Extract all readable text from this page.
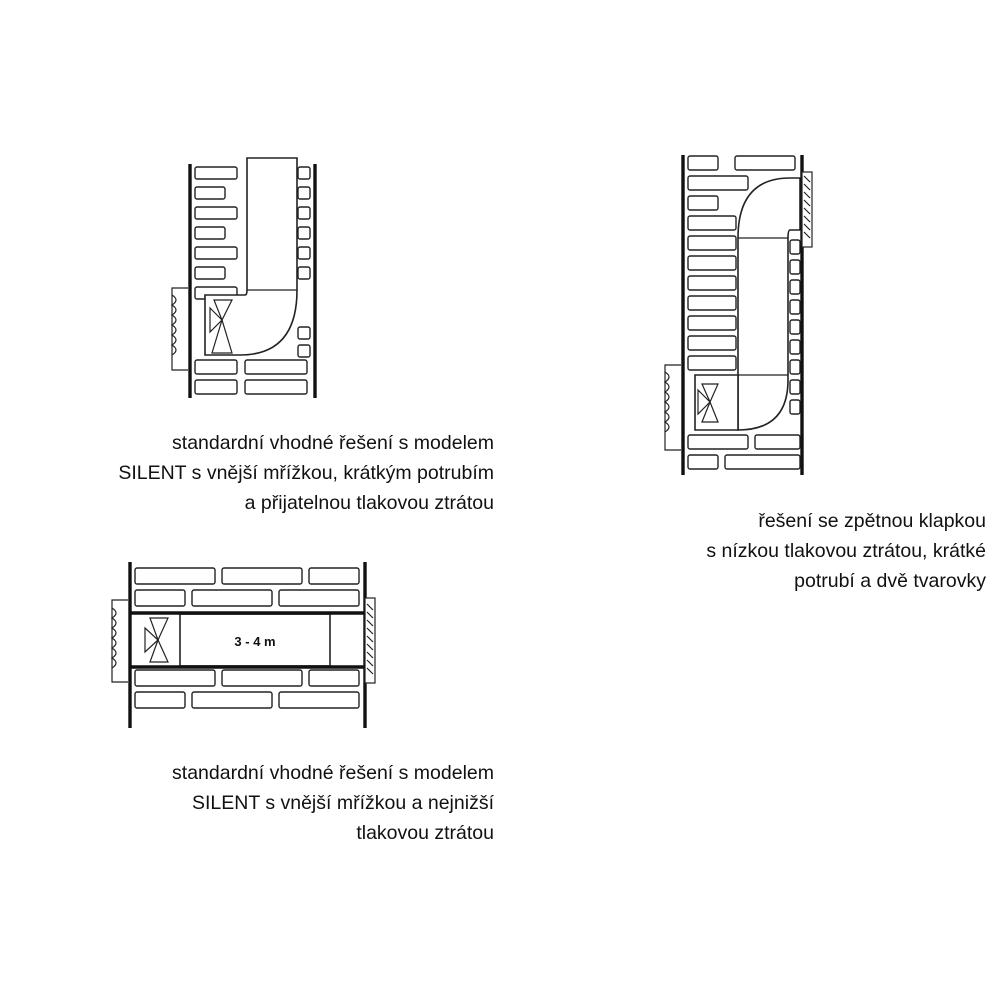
standardní vhodné řešení s modelem
SILENT s vnější mřížkou, krátkým potrubím
a přijatelnou tlakovou ztrátou
řešení se zpětnou klapkou
s nízkou tlakovou ztrátou, krátké
potrubí a dvě tvarovky
3 - 4 m
standardní vhodné řešení s modelem
SILENT s vnější mřížkou a nejnižší
tlakovou ztrátou
